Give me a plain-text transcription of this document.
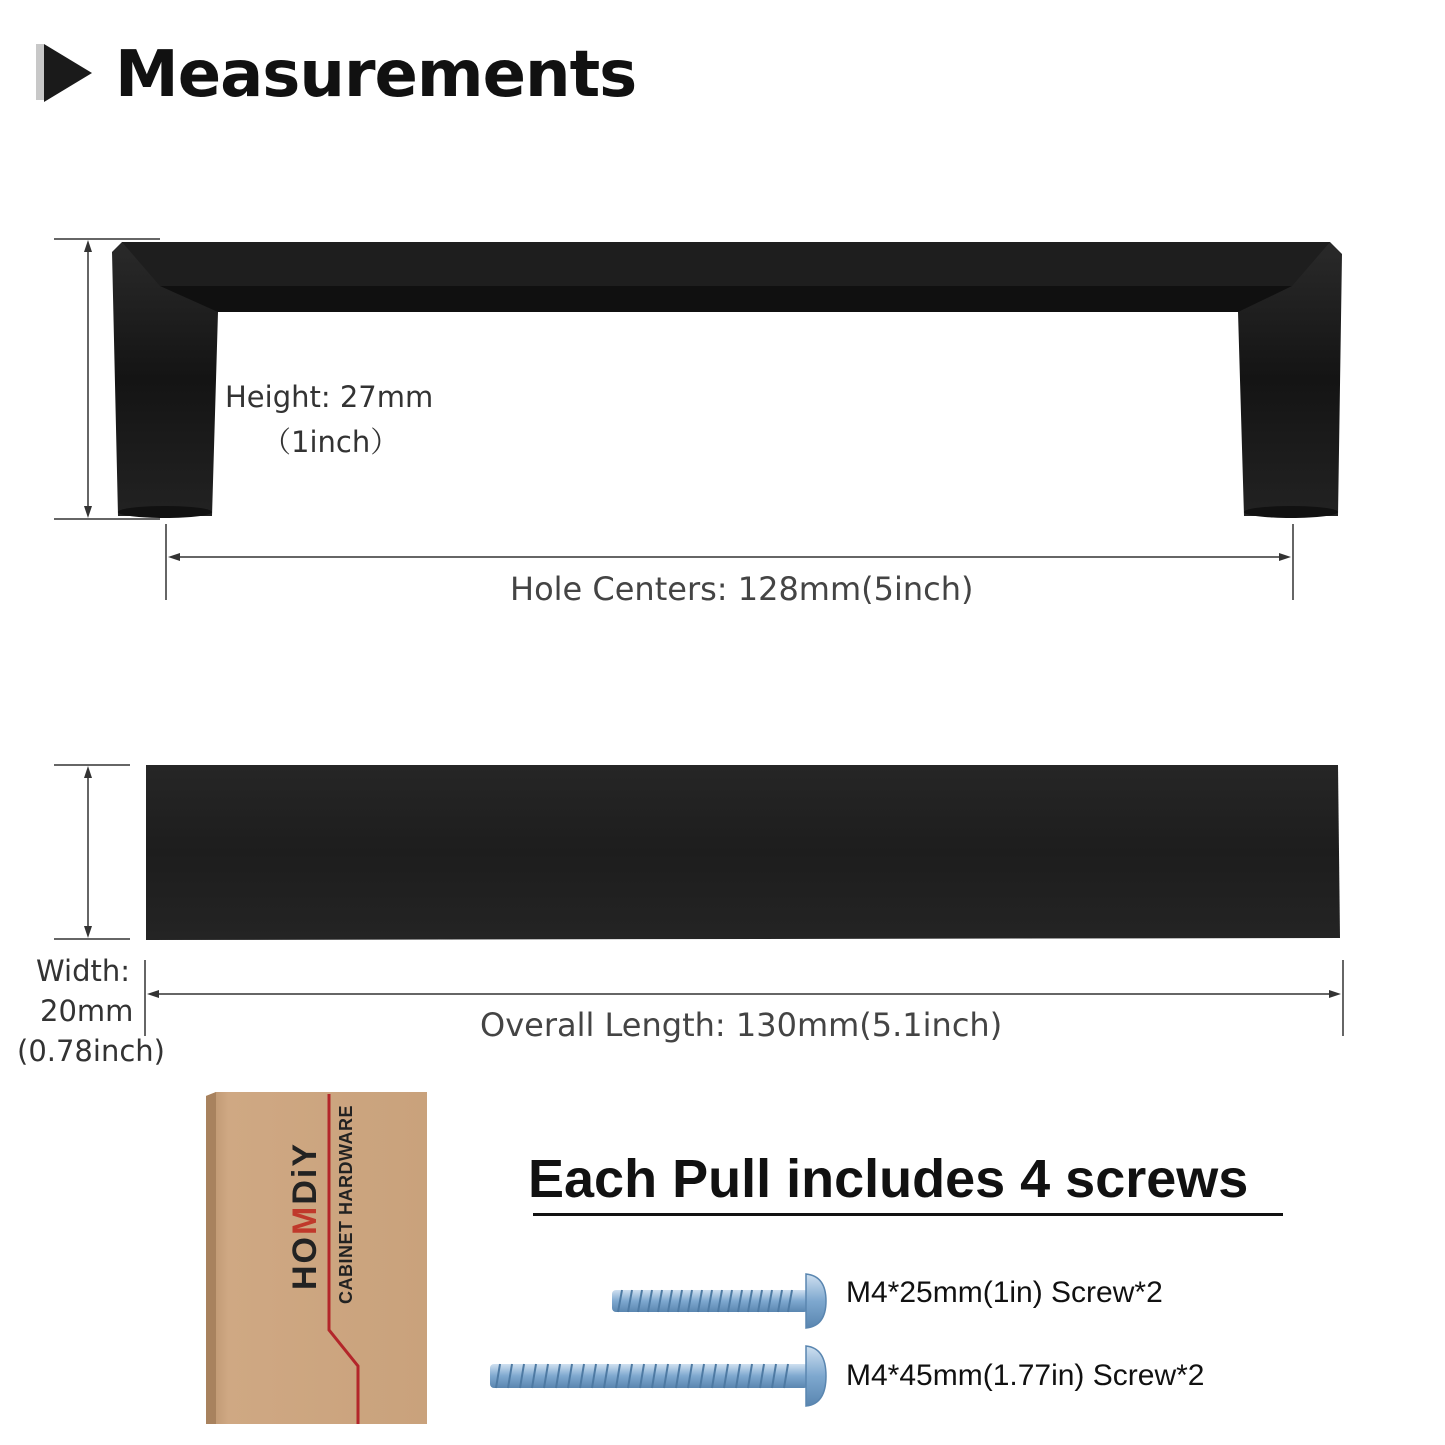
Measurements
Height: 27mm
（1inch）
Hole Centers: 128mm(5inch)
Width:
20mm
(0.78inch)
Overall Length: 130mm(5.1inch)
HOMDiY CABINET HARDWARE	Each Pull includes 4 screws
M4*25mm(1in) Screw*2
M4*45mm(1.77in) Screw*2
